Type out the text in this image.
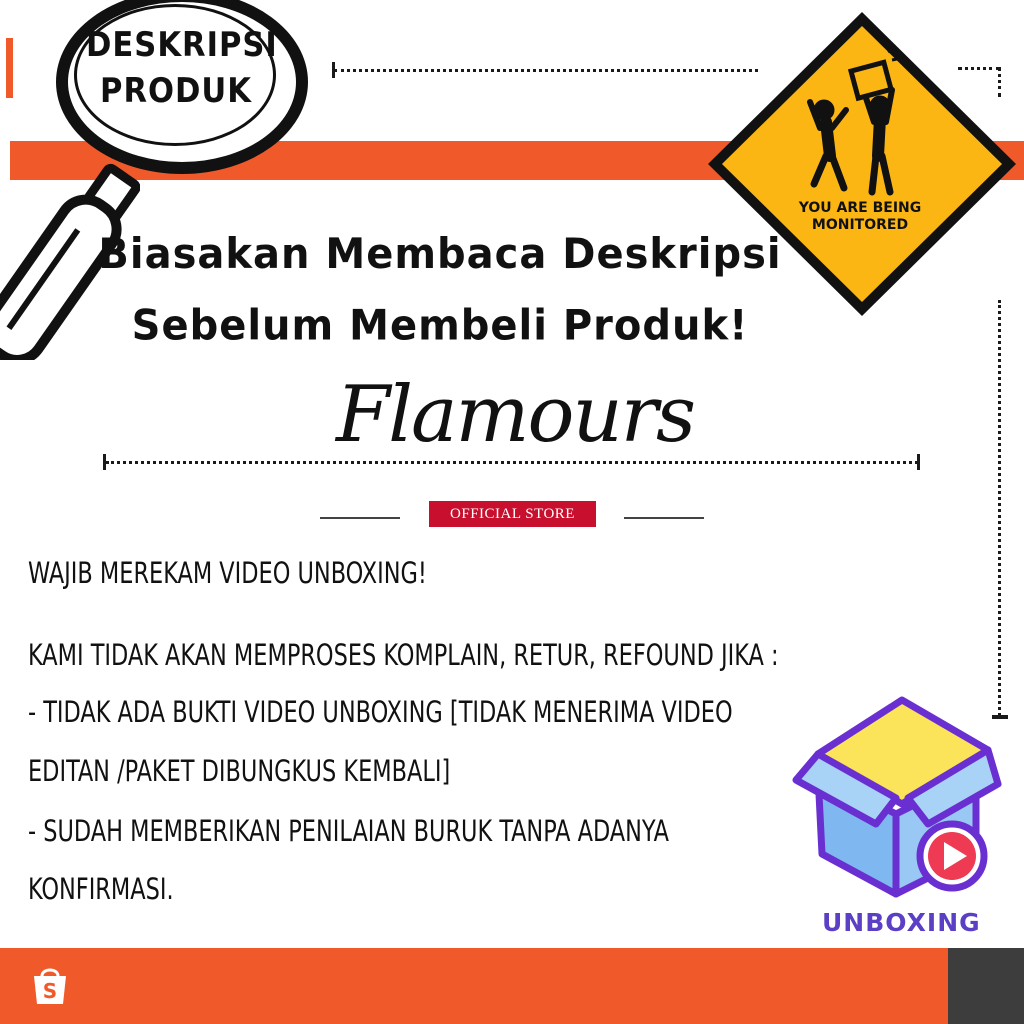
DESKRIPSI
PRODUK
YOU ARE BEING
MONITORED
Biasakan Membaca Deskripsi
Sebelum Membeli Produk!
Flamours
OFFICIAL STORE
WAJIB MEREKAM VIDEO UNBOXING!
KAMI TIDAK AKAN MEMPROSES KOMPLAIN, RETUR, REFOUND JIKA :
- TIDAK ADA BUKTI VIDEO UNBOXING [TIDAK MENERIMA VIDEO
EDITAN /PAKET DIBUNGKUS KEMBALI]
- SUDAH MEMBERIKAN PENILAIAN BURUK TANPA ADANYA
KONFIRMASI.
UNBOXING
S
